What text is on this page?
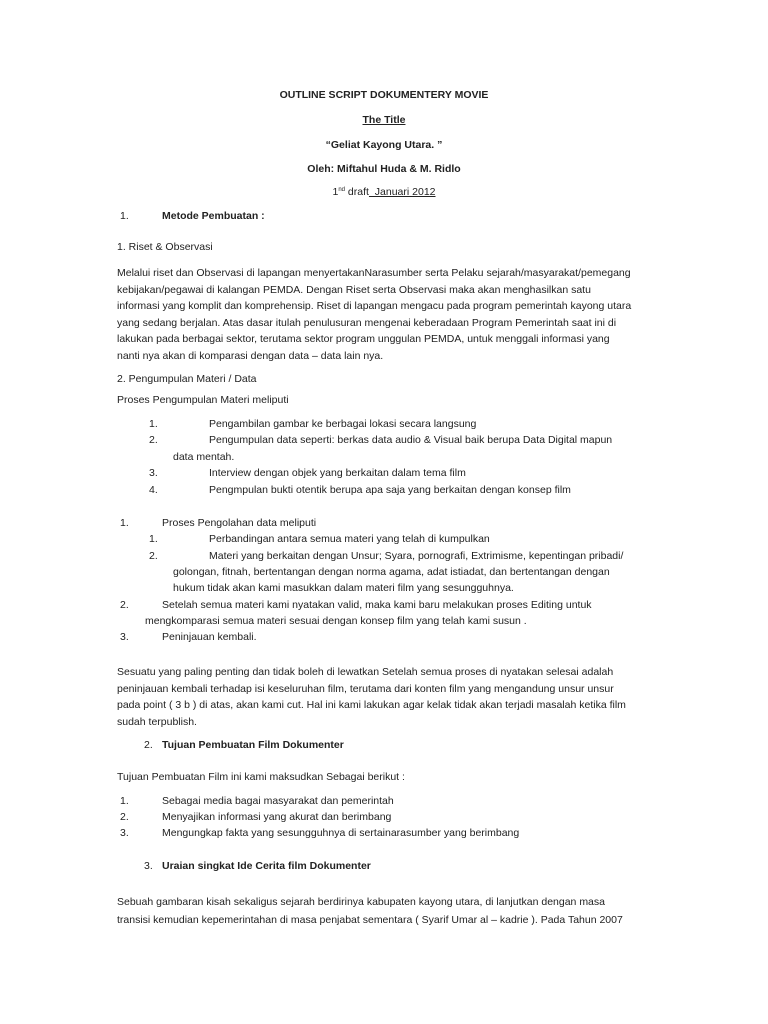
OUTLINE SCRIPT DOKUMENTERY MOVIE
The Title
“Geliat Kayong Utara. ”
Oleh: Miftahul Huda & M. Ridlo
1nd draft  Januari 2012
1.	Metode Pembuatan :
1. Riset & Observasi
Melalui riset dan Observasi di lapangan menyertakanNarasumber serta Pelaku sejarah/masyarakat/pemegang
kebijakan/pegawai di kalangan PEMDA. Dengan Riset serta Observasi maka akan menghasilkan satu
informasi yang komplit dan komprehensip. Riset di lapangan mengacu pada program pemerintah kayong utara
yang sedang berjalan. Atas dasar itulah penulusuran mengenai keberadaan Program Pemerintah saat ini di
lakukan pada berbagai sektor, terutama sektor program unggulan PEMDA, untuk menggali informasi yang
nanti nya akan di komparasi dengan data – data lain nya.
2. Pengumpulan Materi / Data
Proses Pengumpulan Materi meliputi
1.	Pengambilan gambar ke berbagai lokasi secara langsung
2.	Pengumpulan data seperti: berkas data audio & Visual baik berupa Data Digital mapun
data mentah.
3.	Interview dengan objek yang berkaitan dalam tema film
4.	Pengmpulan bukti otentik berupa apa saja yang berkaitan dengan konsep film
1.	Proses Pengolahan data meliputi
1.	Perbandingan antara semua materi yang telah di kumpulkan
2.	Materi yang berkaitan dengan Unsur; Syara, pornografi, Extrimisme, kepentingan pribadi/
golongan, fitnah, bertentangan dengan norma agama, adat istiadat, dan bertentangan dengan
hukum tidak akan kami masukkan dalam materi film yang sesungguhnya.
2.	Setelah semua materi kami nyatakan valid, maka kami baru melakukan proses Editing untuk
mengkomparasi semua materi sesuai dengan konsep film yang telah kami susun .
3.	Peninjauan kembali.
Sesuatu yang paling penting dan tidak boleh di lewatkan Setelah semua proses di nyatakan selesai adalah
peninjauan kembali terhadap isi keseluruhan film, terutama dari konten film yang mengandung unsur unsur
pada point ( 3 b ) di atas, akan kami cut. Hal ini kami lakukan agar kelak tidak akan terjadi masalah ketika film
sudah terpublish.
2. Tujuan Pembuatan Film Dokumenter
Tujuan Pembuatan Film ini kami maksudkan Sebagai berikut :
1.	Sebagai media bagai masyarakat dan pemerintah
2.	Menyajikan informasi yang akurat dan berimbang
3.	Mengungkap fakta yang sesungguhnya di sertainarasumber yang berimbang
3. Uraian singkat Ide Cerita film Dokumenter
Sebuah gambaran kisah sekaligus sejarah berdirinya kabupaten kayong utara, di lanjutkan dengan masa
transisi kemudian kepemerintahan di masa penjabat sementara ( Syarif Umar al – kadrie ). Pada Tahun 2007
